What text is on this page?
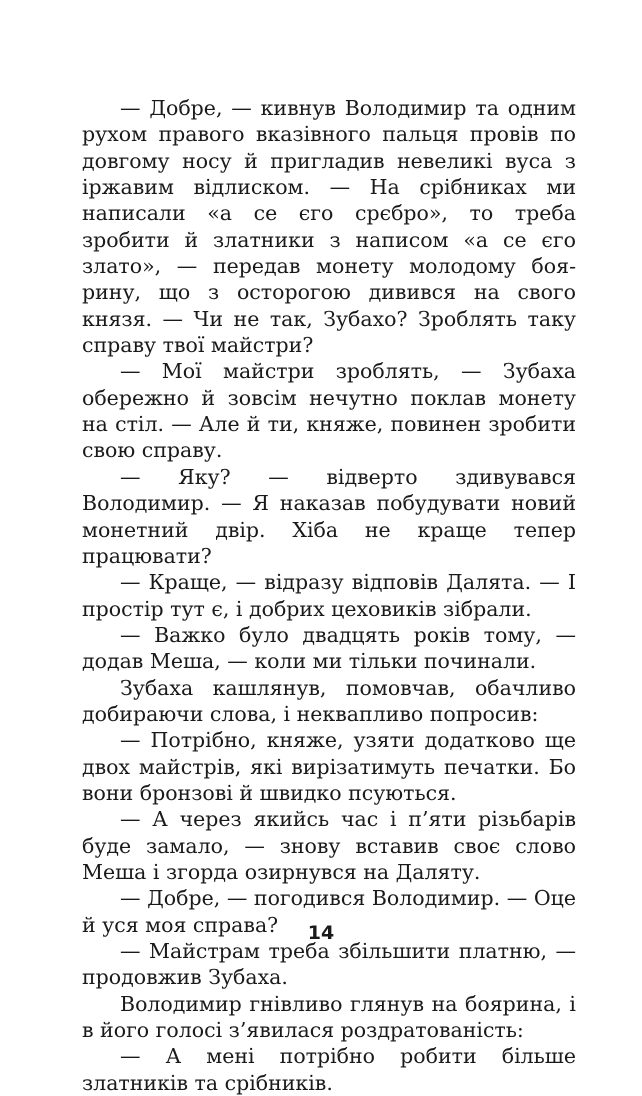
— Добре, — кивнув Володимир та одним рухом правого вказівного пальця провів по довгому носу й пригладив невеликі вуса з іржавим відлиском. — На срібниках ми написали «а се єго срєбро», то треба зробити й златники з написом «а се єго злато», — передав монету молодому боярину, що з осторогою дивився на свого князя. — Чи не так, Зубахо? Зроблять таку справу твої майстри?

— Мої майстри зроблять, — Зубаха обережно й зовсім нечутно поклав монету на стіл. — Але й ти, княже, повинен зробити свою справу.

— Яку? — відверто здивувався Володимир. — Я наказав побудувати новий монетний двір. Хіба не краще тепер працювати?

— Краще, — відразу відповів Далята. — І простір тут є, і добрих цеховиків зібрали.

— Важко було двадцять років тому, — додав Меша, — коли ми тільки починали.

Зубаха кашлянув, помовчав, обачливо добираючи слова, і неквапливо попросив:

— Потрібно, княже, узяти додатково ще двох майстрів, які вирізатимуть печатки. Бо вони бронзові й швидко псуються.

— А через якийсь час і п’яти різьбарів буде замало, — знову вставив своє слово Меша і згорда озирнувся на Даляту.

— Добре, — погодився Володимир. — Оце й уся моя справа?

— Майстрам треба збільшити платню, — продовжив Зубаха.

Володимир гнівливо глянув на боярина, і в його голосі з’явилася роздратованість:

— А мені потрібно робити більше златників та срібників.

14
